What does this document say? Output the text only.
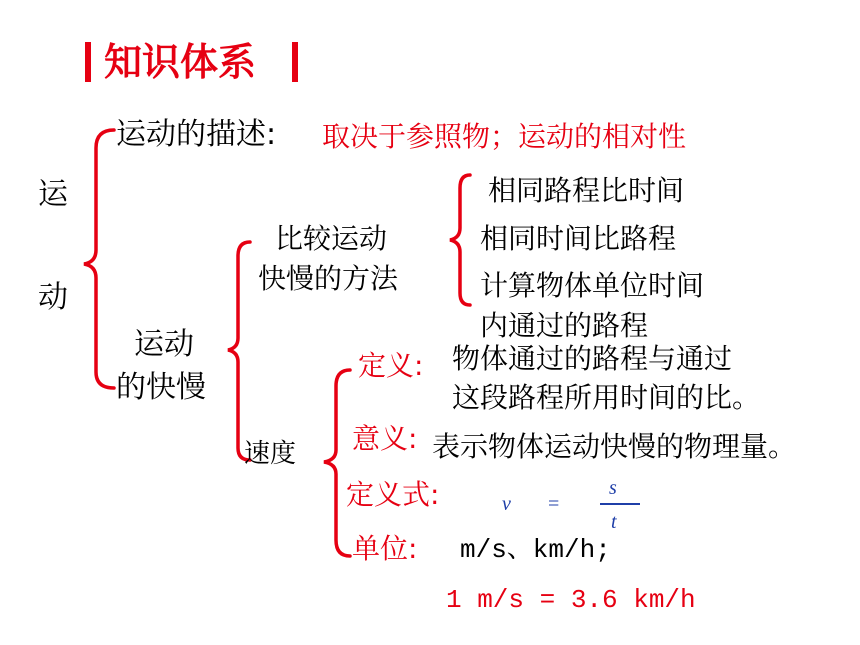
知识体系
运
动
运动的描述: 取决于参照物；运动的相对性
运动
的快慢
比较运动
快慢的方法
相同路程比时间
相同时间比路程
计算物体单位时间
内通过的路程
速度
定义: 物体通过的路程与通过
这段路程所用时间的比。
意义: 表示物体运动快慢的物理量。
定义式:	v =
s
t
单位: m/s、km/h;
1 m/s = 3.6 km/h
